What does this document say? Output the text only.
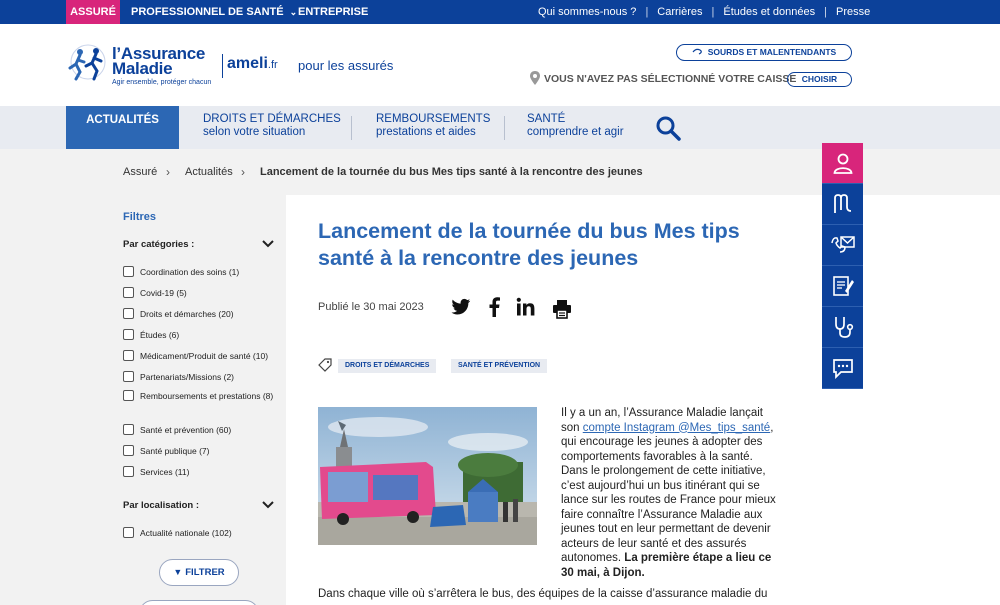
ASSURÉ	PROFESSIONNEL DE SANTÉ ⌄ ENTREPRISE	Qui sommes-nous ? | Carrières | Études et données | Presse
l’Assurance
Maladie
Agir ensemble, protéger chacun
ameli.fr pour les assurés
SOURDS ET MALENTENDANTS
VOUS N'AVEZ PAS SÉLECTIONNÉ VOTRE CAISSE CHOISIR
ACTUALITÉS	DROITS ET DÉMARCHES
selon votre situation
REMBOURSEMENTS
prestations et aides
SANTÉ
comprendre et agir
Assuré › Actualités › Lancement de la tournée du bus Mes tips santé à la rencontre des jeunes
Filtres
Par catégories :
Coordination des soins (1)
Covid-19 (5)
Droits et démarches (20)
Études (6)
Médicament/Produit de santé (10)
Partenariats/Missions (2)
Remboursements et prestations (8)
Santé et prévention (60)
Santé publique (7)
Services (11)
Par localisation :
Actualité nationale (102)
▼ FILTRER
Lancement de la tournée du bus Mes tips santé à la rencontre des jeunes
Publié le 30 mai 2023
DROITS ET DÉMARCHES	SANTÉ ET PRÉVENTION
Il y a un an, l’Assurance Maladie lançait son compte Instagram @Mes_tips_santé, qui encourage les jeunes à adopter des comportements favorables à la santé. Dans le prolongement de cette initiative, c’est aujourd’hui un bus itinérant qui se lance sur les routes de France pour mieux faire connaître l’Assurance Maladie aux jeunes tout en leur permettant de devenir acteurs de leur santé et des assurés autonomes. La première étape a lieu ce 30 mai, à Dijon.
Dans chaque ville où s’arrêtera le bus, des équipes de la caisse d’assurance maladie du
